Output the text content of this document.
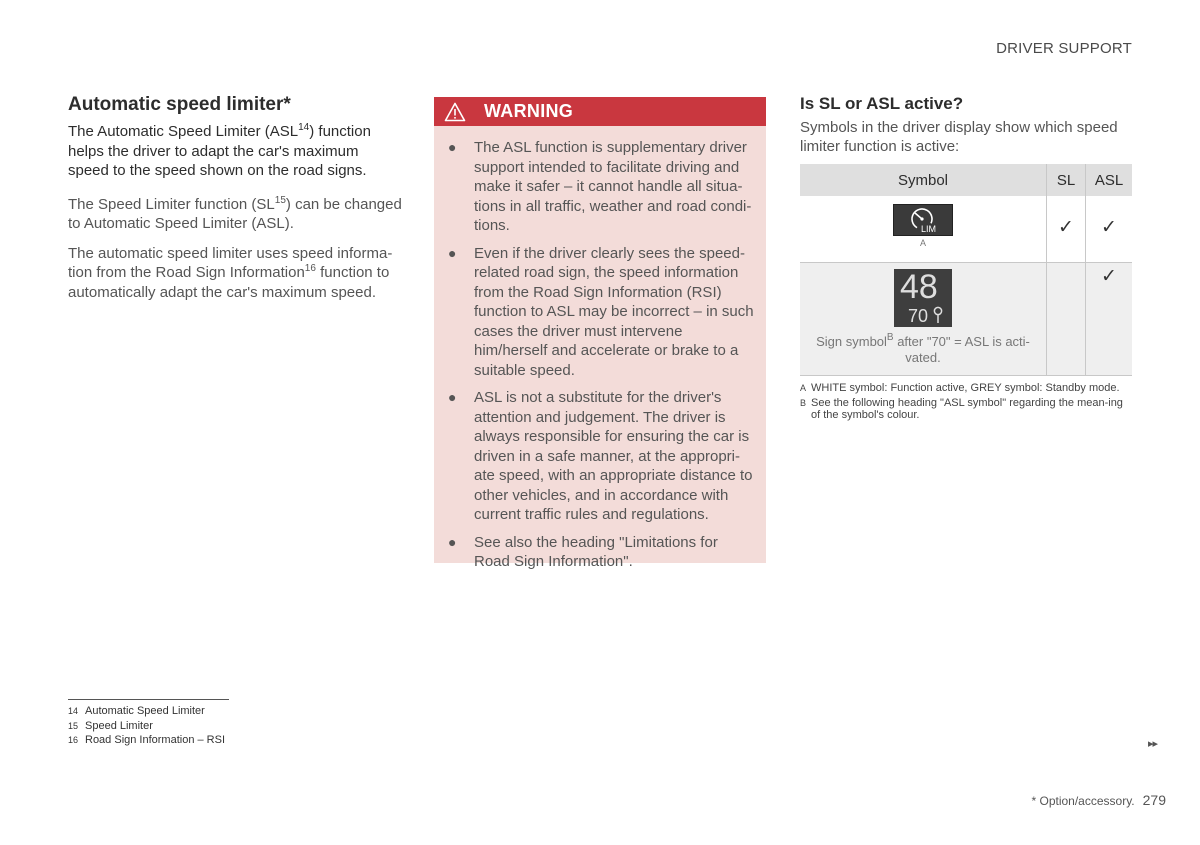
DRIVER SUPPORT
Automatic speed limiter*

The Automatic Speed Limiter (ASL$^{14}$) function helps the driver to adapt the car's maximum speed to the speed shown on the road signs.

The Speed Limiter function (SL$^{15}$) can be changed to Automatic Speed Limiter (ASL).

The automatic speed limiter uses speed informa-tion from the Road Sign Information$^{16}$ function to automatically adapt the car's maximum speed.

WARNING
● The ASL function is supplementary driver support intended to facilitate driving and make it safer – it cannot handle all situa-tions in all traffic, weather and road condi-tions.
● Even if the driver clearly sees the speed-related road sign, the speed information from the Road Sign Information (RSI) function to ASL may be incorrect – in such cases the driver must intervene him/herself and accelerate or brake to a suitable speed.
● ASL is not a substitute for the driver's attention and judgement. The driver is always responsible for ensuring the car is driven in a safe manner, at the appropri-ate speed, with an appropriate distance to other vehicles, and in accordance with current traffic rules and regulations.
● See also the heading "Limitations for Road Sign Information".
Is SL or ASL active?

Symbols in the driver display show which speed limiter function is active:

Symbol	SL	ASL

LIM
A	✓	✓

48
70
Sign symbol$^B$ after "70" = ASL is acti-vated.		✓
A WHITE symbol: Function active, GREY symbol: Standby mode.
B See the following heading "ASL symbol" regarding the mean-ing of the symbol's colour.
14 Automatic Speed Limiter
15 Speed Limiter
16 Road Sign Information – RSI	▸▸
* Option/accessory. 279
